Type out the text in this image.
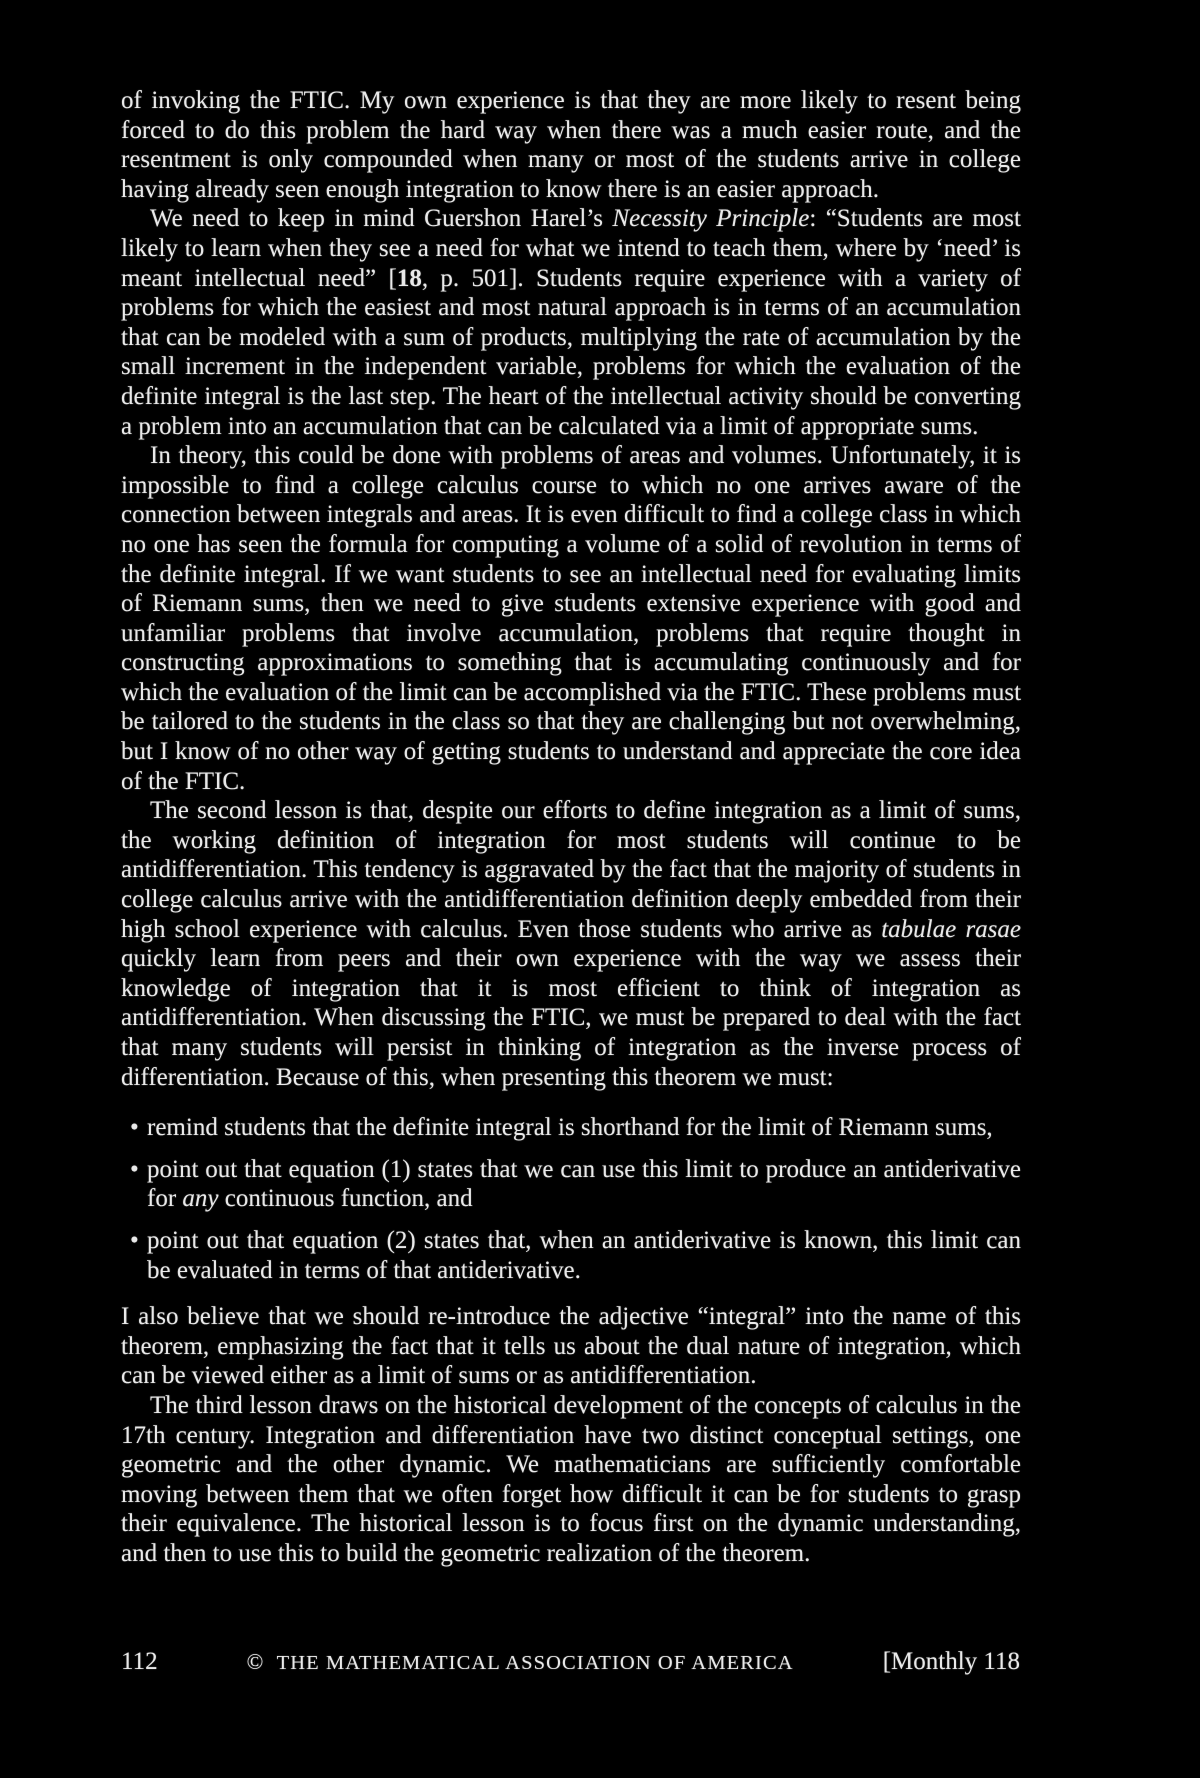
of invoking the FTIC. My own experience is that they are more likely to resent being forced to do this problem the hard way when there was a much easier route, and the resentment is only compounded when many or most of the students arrive in college having already seen enough integration to know there is an easier approach.

We need to keep in mind Guershon Harel’s Necessity Principle: “Students are most likely to learn when they see a need for what we intend to teach them, where by ‘need’ is meant intellectual need” [18, p. 501]. Students require experience with a variety of problems for which the easiest and most natural approach is in terms of an accumulation that can be modeled with a sum of products, multiplying the rate of accumulation by the small increment in the independent variable, problems for which the evaluation of the definite integral is the last step. The heart of the intellectual activity should be converting a problem into an accumulation that can be calculated via a limit of appropriate sums.

In theory, this could be done with problems of areas and volumes. Unfortunately, it is impossible to find a college calculus course to which no one arrives aware of the connection between integrals and areas. It is even difficult to find a college class in which no one has seen the formula for computing a volume of a solid of revolution in terms of the definite integral. If we want students to see an intellectual need for evaluating limits of Riemann sums, then we need to give students extensive experience with good and unfamiliar problems that involve accumulation, problems that require thought in constructing approximations to something that is accumulating continuously and for which the evaluation of the limit can be accomplished via the FTIC. These problems must be tailored to the students in the class so that they are challenging but not overwhelming, but I know of no other way of getting students to understand and appreciate the core idea of the FTIC.

The second lesson is that, despite our efforts to define integration as a limit of sums, the working definition of integration for most students will continue to be antidifferentiation. This tendency is aggravated by the fact that the majority of students in college calculus arrive with the antidifferentiation definition deeply embedded from their high school experience with calculus. Even those students who arrive as tabulae rasae quickly learn from peers and their own experience with the way we assess their knowledge of integration that it is most efficient to think of integration as antidifferentiation. When discussing the FTIC, we must be prepared to deal with the fact that many students will persist in thinking of integration as the inverse process of differentiation. Because of this, when presenting this theorem we must:

• remind students that the definite integral is shorthand for the limit of Riemann sums,
• point out that equation (1) states that we can use this limit to produce an antiderivative for any continuous function, and
• point out that equation (2) states that, when an antiderivative is known, this limit can be evaluated in terms of that antiderivative.

I also believe that we should re-introduce the adjective “integral” into the name of this theorem, emphasizing the fact that it tells us about the dual nature of integration, which can be viewed either as a limit of sums or as antidifferentiation.

The third lesson draws on the historical development of the concepts of calculus in the 17th century. Integration and differentiation have two distinct conceptual settings, one geometric and the other dynamic. We mathematicians are sufficiently comfortable moving between them that we often forget how difficult it can be for students to grasp their equivalence. The historical lesson is to focus first on the dynamic understanding, and then to use this to build the geometric realization of the theorem.

112	© THE MATHEMATICAL ASSOCIATION OF AMERICA	[Monthly 118
